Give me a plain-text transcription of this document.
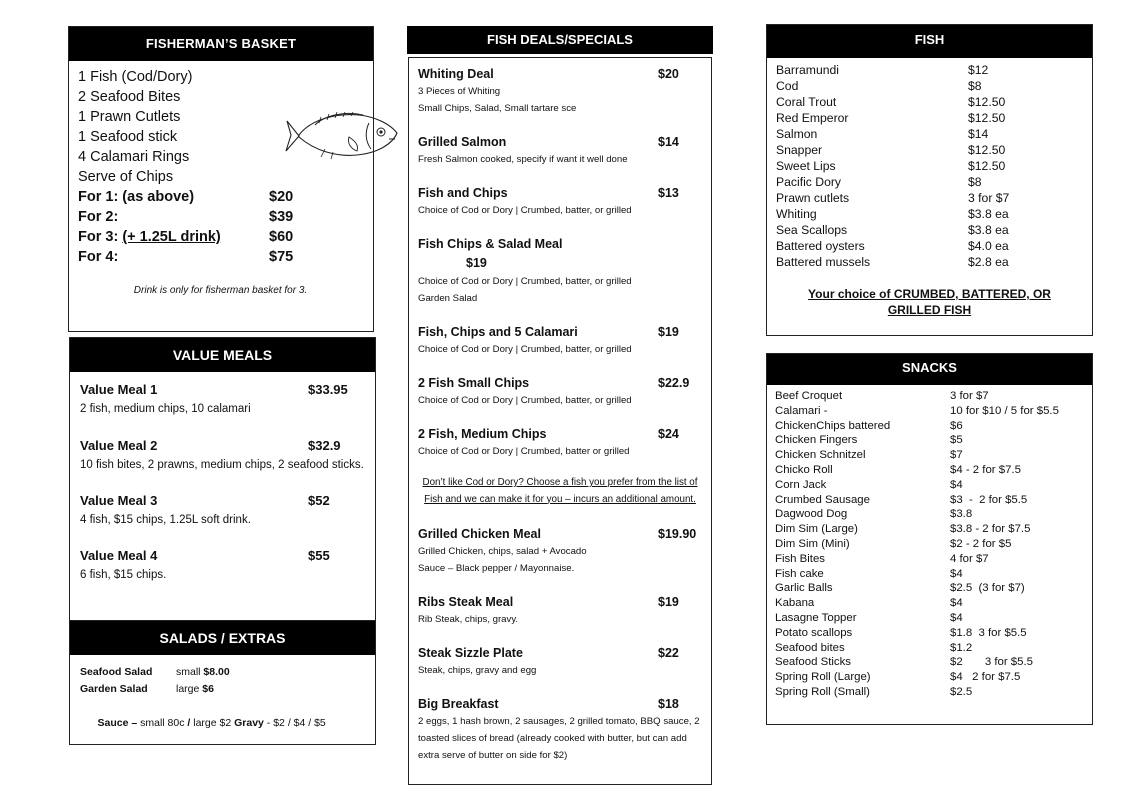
FISHERMAN’S BASKET
1 Fish (Cod/Dory)
2 Seafood Bites
1 Prawn Cutlets
1 Seafood stick
4 Calamari Rings
Serve of Chips
For 1: (as above)	$20
For 2:	$39
For 3: (+ 1.25L drink)	$60
For 4:	$75
Drink is only for fisherman basket for 3.
VALUE MEALS
Value Meal 1	$33.95
2 fish, medium chips, 10 calamari
Value Meal 2	$32.9
10 fish bites, 2 prawns, medium chips, 2 seafood sticks.
Value Meal 3	$52
4 fish, $15 chips, 1.25L soft drink.
Value Meal 4	$55
6 fish, $15 chips.
SALADS / EXTRAS
Seafood Salad small $8.00
Garden Salad	large $6

Sauce – small 80c / large $2 Gravy - $2 / $4 / $5

FISH DEALS/SPECIALS
Whiting Deal	$20
3 Pieces of Whiting
Small Chips, Salad, Small tartare sce
Grilled Salmon	$14
Fresh Salmon cooked, specify if want it well done
Fish and Chips	$13
Choice of Cod or Dory | Crumbed, batter, or grilled
Fish Chips & Salad Meal
$19
Choice of Cod or Dory | Crumbed, batter, or grilled
Garden Salad
Fish, Chips and 5 Calamari	$19
Choice of Cod or Dory | Crumbed, batter, or grilled
2 Fish Small Chips	$22.9
Choice of Cod or Dory | Crumbed, batter, or grilled
2 Fish, Medium Chips	$24
Choice of Cod or Dory | Crumbed, batter or grilled
Don’t like Cod or Dory? Choose a fish you prefer from the list of Fish and we can make it for you – incurs an additional amount.
Grilled Chicken Meal	$19.90
Grilled Chicken, chips, salad + Avocado
Sauce – Black pepper / Mayonnaise.
Ribs Steak Meal	$19
Rib Steak, chips, gravy.
Steak Sizzle Plate	$22
Steak, chips, gravy and egg
Big Breakfast	$18
2 eggs, 1 hash brown, 2 sausages, 2 grilled tomato, BBQ sauce, 2 toasted slices of bread (already cooked with butter, but can add extra serve of butter on side for $2)
FISH
Barramundi	$12
Cod	$8
Coral Trout	$12.50
Red Emperor	$12.50
Salmon	$14
Snapper	$12.50
Sweet Lips	$12.50
Pacific Dory	$8
Prawn cutlets	3 for $7
Whiting	$3.8 ea
Sea Scallops	$3.8 ea
Battered oysters	$4.0 ea
Battered mussels	$2.8 ea
Your choice of CRUMBED, BATTERED, OR GRILLED FISH
SNACKS
Beef Croquet	3 for $7
Calamari -	10 for $10 / 5 for $5.5
ChickenChips battered	$6
Chicken Fingers	$5
Chicken Schnitzel	$7
Chicko Roll	$4 - 2 for $7.5
Corn Jack	$4
Crumbed Sausage	$3  -  2 for $5.5
Dagwood Dog	$3.8
Dim Sim (Large)	$3.8 - 2 for $7.5
Dim Sim (Mini)	$2 - 2 for $5
Fish Bites	4 for $7
Fish cake	$4
Garlic Balls	$2.5  (3 for $7)
Kabana	$4
Lasagne Topper	$4
Potato scallops	$1.8  3 for $5.5
Seafood bites	$1.2
Seafood Sticks	$2       3 for $5.5
Spring Roll (Large)	$4   2 for $7.5
Spring Roll (Small)	$2.5
